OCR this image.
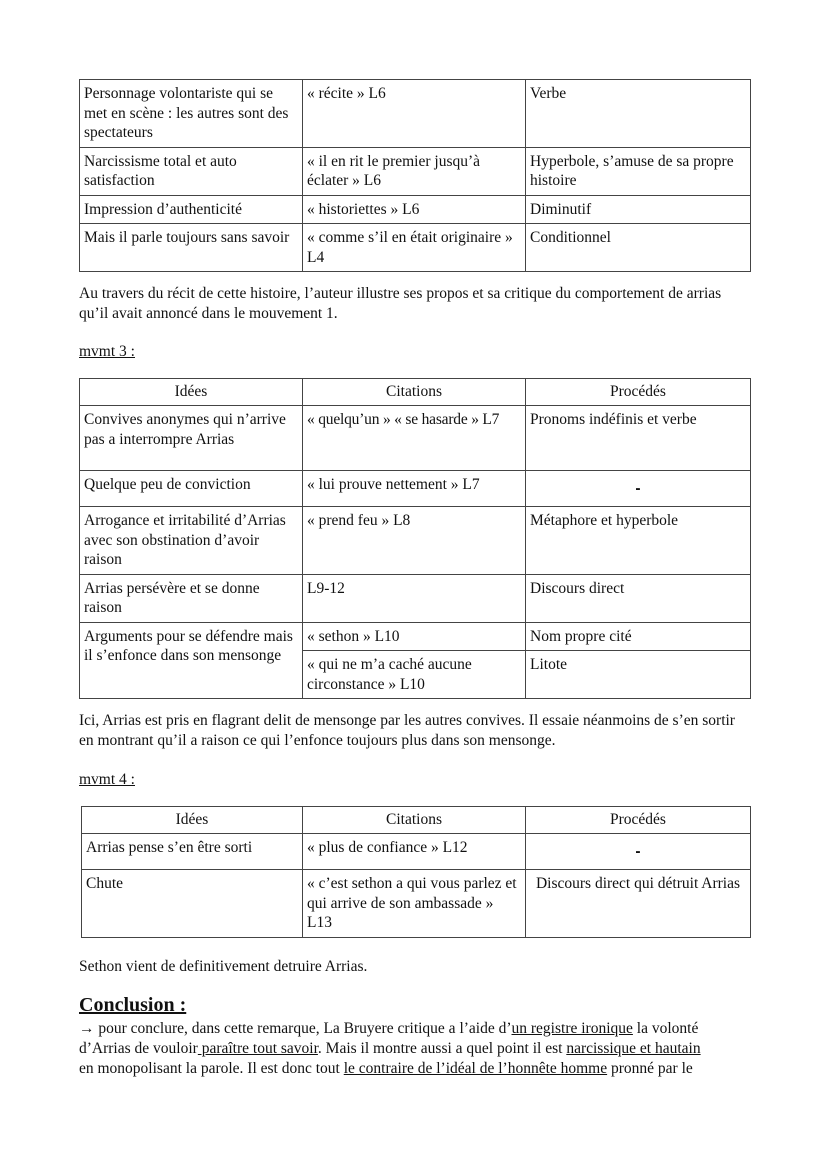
Personnage volontariste qui se met en scène : les autres sont des spectateurs	« récite » L6	Verbe
Narcissisme total et auto satisfaction	« il en rit le premier jusqu’à éclater » L6	Hyperbole, s’amuse de sa propre histoire
Impression d’authenticité	« historiettes » L6	Diminutif
Mais il parle toujours sans savoir	« comme s’il en était originaire » L4	Conditionnel
Au travers du récit de cette histoire, l’auteur illustre ses propos et sa critique du comportement de arrias qu’il avait annoncé dans le mouvement 1.
mvmt 3 :
Idées	Citations	Procédés
Convives anonymes qui n’arrive pas a interrompre Arrias	« quelqu’un » « se hasarde » L7	Pronoms indéfinis et verbe
Quelque peu de conviction	« lui prouve nettement » L7	-

Arrogance et irritabilité d’Arrias avec son obstination d’avoir raison	« prend feu » L8	Métaphore et hyperbole
Arrias persévère et se donne raison	L9-12	Discours direct
Arguments pour se défendre mais il s’enfonce dans son mensonge	« sethon » L10	Nom propre cité
	« qui ne m’a caché aucune circonstance » L10	Litote
Ici, Arrias est pris en flagrant delit de mensonge par les autres convives. Il essaie néanmoins de s’en sortir en montrant qu’il a raison ce qui l’enfonce toujours plus dans son mensonge.
mvmt 4 :
Idées	Citations	Procédés
Arrias pense s’en être sorti	« plus de confiance » L12	-

Chute	« c’est sethon a qui vous parlez et qui arrive de son ambassade » L13	Discours direct qui détruit Arrias
Sethon vient de definitivement detruire Arrias.
Conclusion :
→ pour conclure, dans cette remarque, La Bruyere critique a l’aide d’un registre ironique la volonté
d’Arrias de vouloir paraître tout savoir. Mais il montre aussi a quel point il est narcissique et hautain
en monopolisant la parole. Il est donc tout le contraire de l’idéal de l’honnête homme pronné par le
